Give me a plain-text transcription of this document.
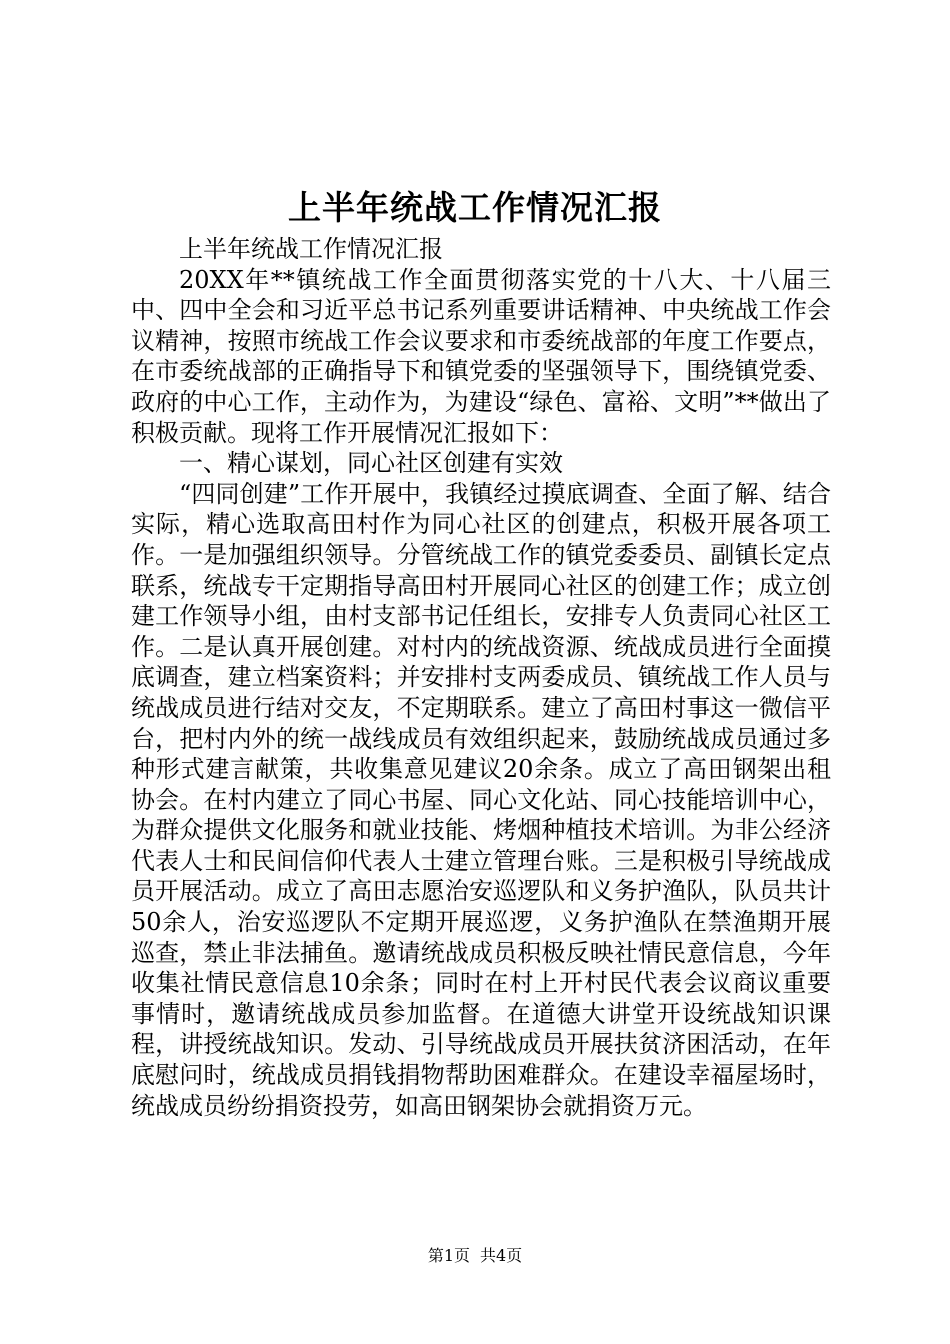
上半年统战工作情况汇报

上半年统战工作情况汇报

20XX年**镇统战工作全面贯彻落实党的十八大、十八届三中、四中全会和习近平总书记系列重要讲话精神、中央统战工作会议精神，按照市统战工作会议要求和市委统战部的年度工作要点，在市委统战部的正确指导下和镇党委的坚强领导下，围绕镇党委、政府的中心工作，主动作为，为建设“绿色、富裕、文明”**做出了积极贡献。现将工作开展情况汇报如下：

一、精心谋划，同心社区创建有实效

“四同创建”工作开展中，我镇经过摸底调查、全面了解、结合实际，精心选取高田村作为同心社区的创建点，积极开展各项工作。一是加强组织领导。分管统战工作的镇党委委员、副镇长定点联系，统战专干定期指导高田村开展同心社区的创建工作；成立创建工作领导小组，由村支部书记任组长，安排专人负责同心社区工作。二是认真开展创建。对村内的统战资源、统战成员进行全面摸底调查，建立档案资料；并安排村支两委成员、镇统战工作人员与统战成员进行结对交友，不定期联系。建立了高田村事这一微信平台，把村内外的统一战线成员有效组织起来，鼓励统战成员通过多种形式建言献策，共收集意见建议20余条。成立了高田钢架出租协会。在村内建立了同心书屋、同心文化站、同心技能培训中心，为群众提供文化服务和就业技能、烤烟种植技术培训。为非公经济代表人士和民间信仰代表人士建立管理台账。三是积极引导统战成员开展活动。成立了高田志愿治安巡逻队和义务护渔队，队员共计50余人，治安巡逻队不定期开展巡逻，义务护渔队在禁渔期开展巡查，禁止非法捕鱼。邀请统战成员积极反映社情民意信息，今年收集社情民意信息10余条；同时在村上开村民代表会议商议重要事情时，邀请统战成员参加监督。在道德大讲堂开设统战知识课程，讲授统战知识。发动、引导统战成员开展扶贫济困活动，在年底慰问时，统战成员捐钱捐物帮助困难群众。在建设幸福屋场时，统战成员纷纷捐资投劳，如高田钢架协会就捐资万元。

第1页 共4页
